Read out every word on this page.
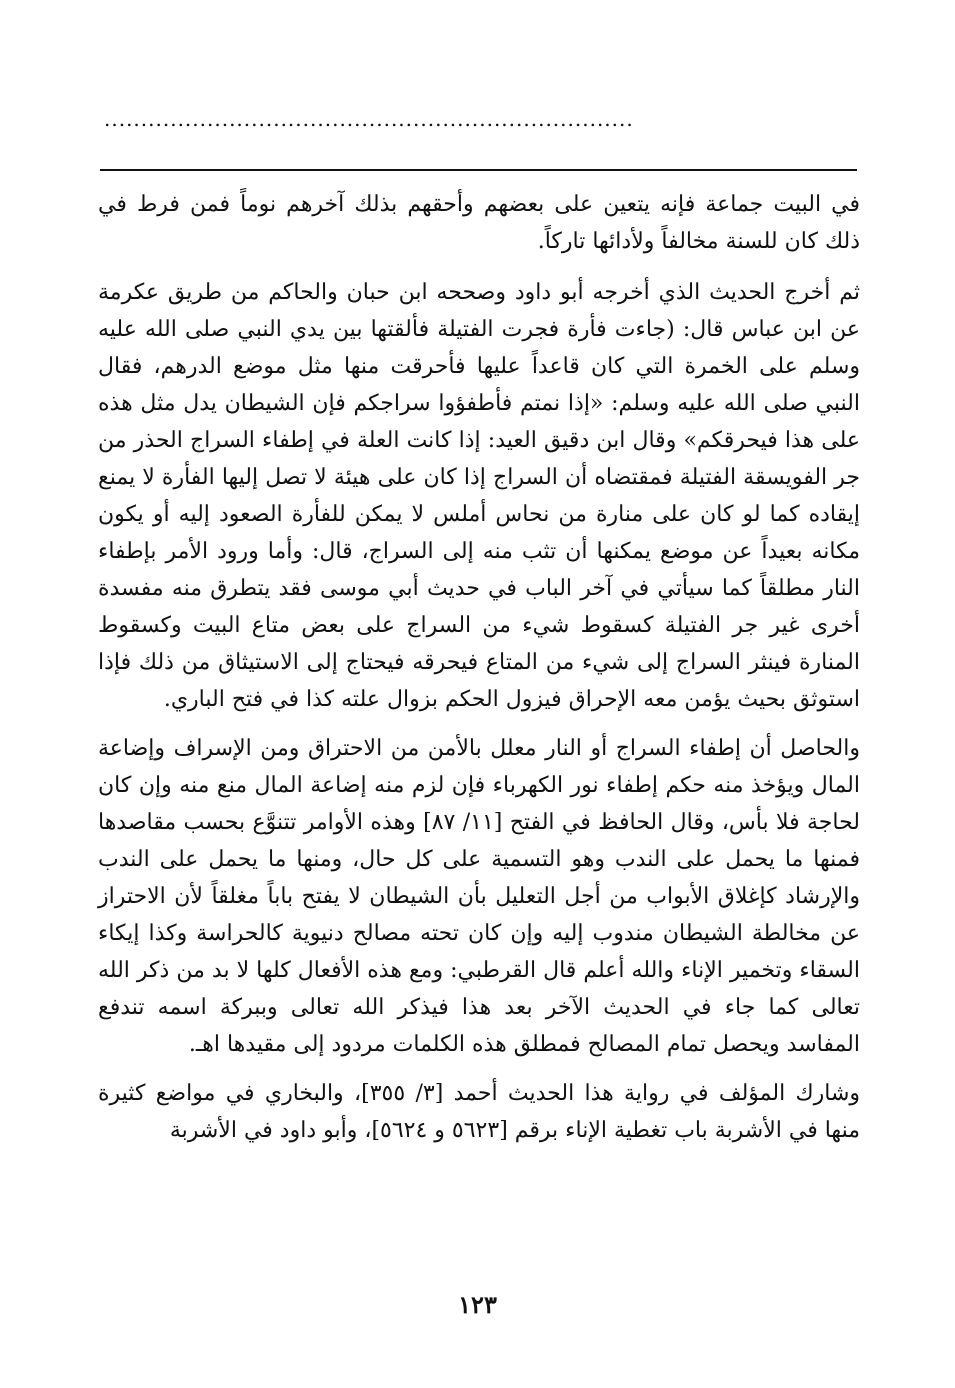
........................................................................

في البيت جماعة فإنه يتعين على بعضهم وأحقهم بذلك آخرهم نوماً فمن فرط في ذلك كان للسنة مخالفاً ولأدائها تاركاً.

ثم أخرج الحديث الذي أخرجه أبو داود وصححه ابن حبان والحاكم من طريق عكرمة عن ابن عباس قال: (جاءت فأرة فجرت الفتيلة فألقتها بين يدي النبي صلى الله عليه وسلم على الخمرة التي كان قاعداً عليها فأحرقت منها مثل موضع الدرهم، فقال النبي صلى الله عليه وسلم: «إذا نمتم فأطفؤوا سراجكم فإن الشيطان يدل مثل هذه على هذا فيحرقكم» وقال ابن دقيق العيد: إذا كانت العلة في إطفاء السراج الحذر من جر الفويسقة الفتيلة فمقتضاه أن السراج إذا كان على هيئة لا تصل إليها الفأرة لا يمنع إيقاده كما لو كان على منارة من نحاس أملس لا يمكن للفأرة الصعود إليه أو يكون مكانه بعيداً عن موضع يمكنها أن تثب منه إلى السراج، قال: وأما ورود الأمر بإطفاء النار مطلقاً كما سيأتي في آخر الباب في حديث أبي موسى فقد يتطرق منه مفسدة أخرى غير جر الفتيلة كسقوط شيء من السراج على بعض متاع البيت وكسقوط المنارة فينثر السراج إلى شيء من المتاع فيحرقه فيحتاج إلى الاستيثاق من ذلك فإذا استوثق بحيث يؤمن معه الإحراق فيزول الحكم بزوال علته كذا في فتح الباري.

والحاصل أن إطفاء السراج أو النار معلل بالأمن من الاحتراق ومن الإسراف وإضاعة المال ويؤخذ منه حكم إطفاء نور الكهرباء فإن لزم منه إضاعة المال منع منه وإن كان لحاجة فلا بأس، وقال الحافظ في الفتح [١١/ ٨٧] وهذه الأوامر تتنوَّع بحسب مقاصدها فمنها ما يحمل على الندب وهو التسمية على كل حال، ومنها ما يحمل على الندب والإرشاد كإغلاق الأبواب من أجل التعليل بأن الشيطان لا يفتح باباً مغلقاً لأن الاحتراز عن مخالطة الشيطان مندوب إليه وإن كان تحته مصالح دنيوية كالحراسة وكذا إيكاء السقاء وتخمير الإناء والله أعلم قال القرطبي: ومع هذه الأفعال كلها لا بد من ذكر الله تعالى كما جاء في الحديث الآخر بعد هذا فيذكر الله تعالى وببركة اسمه تندفع المفاسد ويحصل تمام المصالح فمطلق هذه الكلمات مردود إلى مقيدها اهـ.

وشارك المؤلف في رواية هذا الحديث أحمد [٣/ ٣٥٥]، والبخاري في مواضع كثيرة منها في الأشربة باب تغطية الإناء برقم [٥٦٢٣ و ٥٦٢٤]، وأبو داود في الأشربة

١٢٣
